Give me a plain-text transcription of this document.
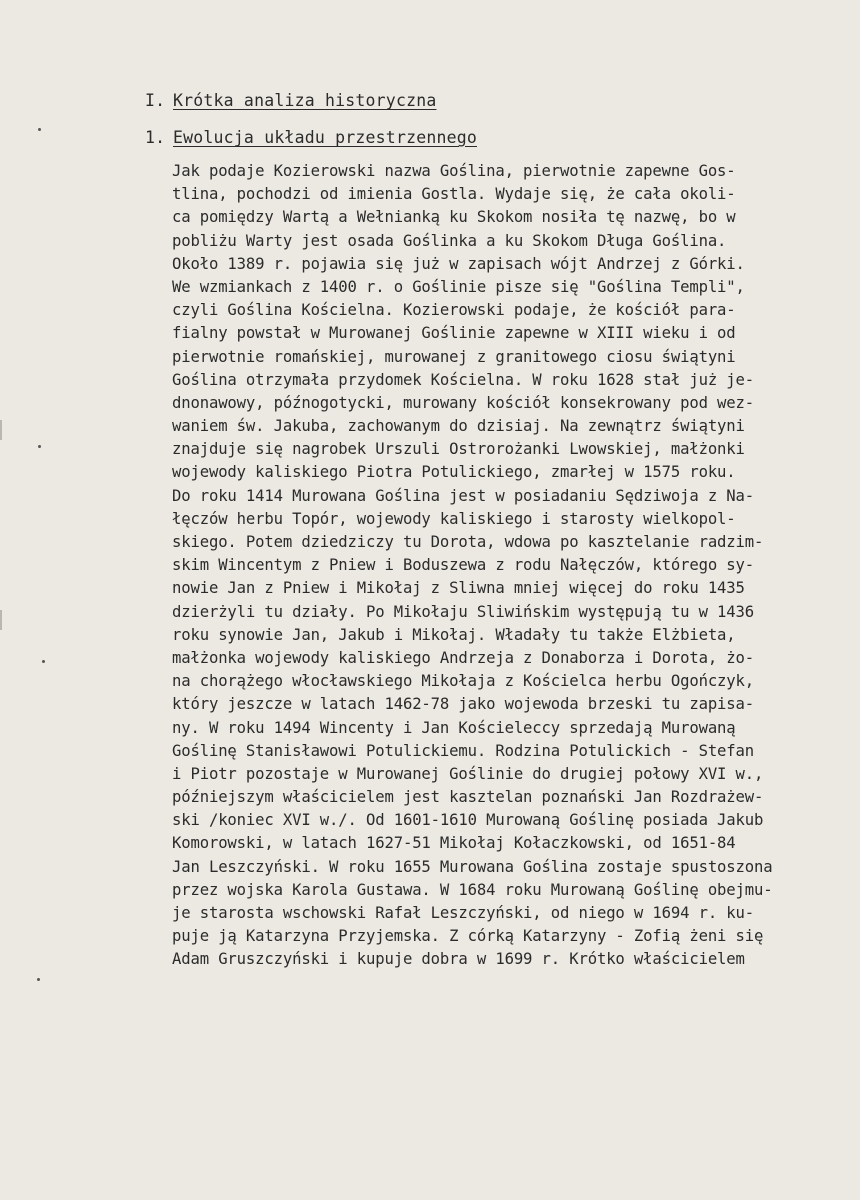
I. Krótka analiza historyczna
1. Ewolucja układu przestrzennego
Jak podaje Kozierowski nazwa Goślina, pierwotnie zapewne Gos-
tlina, pochodzi od imienia Gostla. Wydaje się, że cała okoli-
ca pomiędzy Wartą a Wełnianką ku Skokom nosiła tę nazwę, bo w
pobliżu Warty jest osada Goślinka a ku Skokom Długa Goślina.
Około 1389 r. pojawia się już w zapisach wójt Andrzej z Górki.
We wzmiankach z 1400 r. o Goślinie pisze się "Goślina Templi",
czyli Goślina Kościelna. Kozierowski podaje, że kościół para-
fialny powstał w Murowanej Goślinie zapewne w XIII wieku i od
pierwotnie romańskiej, murowanej z granitowego ciosu świątyni
Goślina otrzymała przydomek Kościelna. W roku 1628 stał już je-
dnonawowy, późnogotycki, murowany kościół konsekrowany pod wez-
waniem św. Jakuba, zachowanym do dzisiaj. Na zewnątrz świątyni
znajduje się nagrobek Urszuli Ostrorożanki Lwowskiej, małżonki
wojewody kaliskiego Piotra Potulickiego, zmarłej w 1575 roku.
Do roku 1414 Murowana Goślina jest w posiadaniu Sędziwoja z Na-
łęczów herbu Topór, wojewody kaliskiego i starosty wielkopol-
skiego. Potem dziedziczy tu Dorota, wdowa po kasztelanie radzim-
skim Wincentym z Pniew i Boduszewa z rodu Nałęczów, którego sy-
nowie Jan z Pniew i Mikołaj z Sliwna mniej więcej do roku 1435
dzierżyli tu działy. Po Mikołaju Sliwińskim występują tu w 1436
roku synowie Jan, Jakub i Mikołaj. Władały tu także Elżbieta,
małżonka wojewody kaliskiego Andrzeja z Donaborza i Dorota, żo-
na chorążego włocławskiego Mikołaja z Kościelca herbu Ogończyk,
który jeszcze w latach 1462-78 jako wojewoda brzeski tu zapisa-
ny. W roku 1494 Wincenty i Jan Kościeleccy sprzedają Murowaną
Goślinę Stanisławowi Potulickiemu. Rodzina Potulickich - Stefan
i Piotr pozostaje w Murowanej Goślinie do drugiej połowy XVI w.,
późniejszym właścicielem jest kasztelan poznański Jan Rozdrażew-
ski /koniec XVI w./. Od 1601-1610 Murowaną Goślinę posiada Jakub
Komorowski, w latach 1627-51 Mikołaj Kołaczkowski, od 1651-84
Jan Leszczyński. W roku 1655 Murowana Goślina zostaje spustoszona
przez wojska Karola Gustawa. W 1684 roku Murowaną Goślinę obejmu-
je starosta wschowski Rafał Leszczyński, od niego w 1694 r. ku-
puje ją Katarzyna Przyjemska. Z córką Katarzyny - Zofią żeni się
Adam Gruszczyński i kupuje dobra w 1699 r. Krótko właścicielem
